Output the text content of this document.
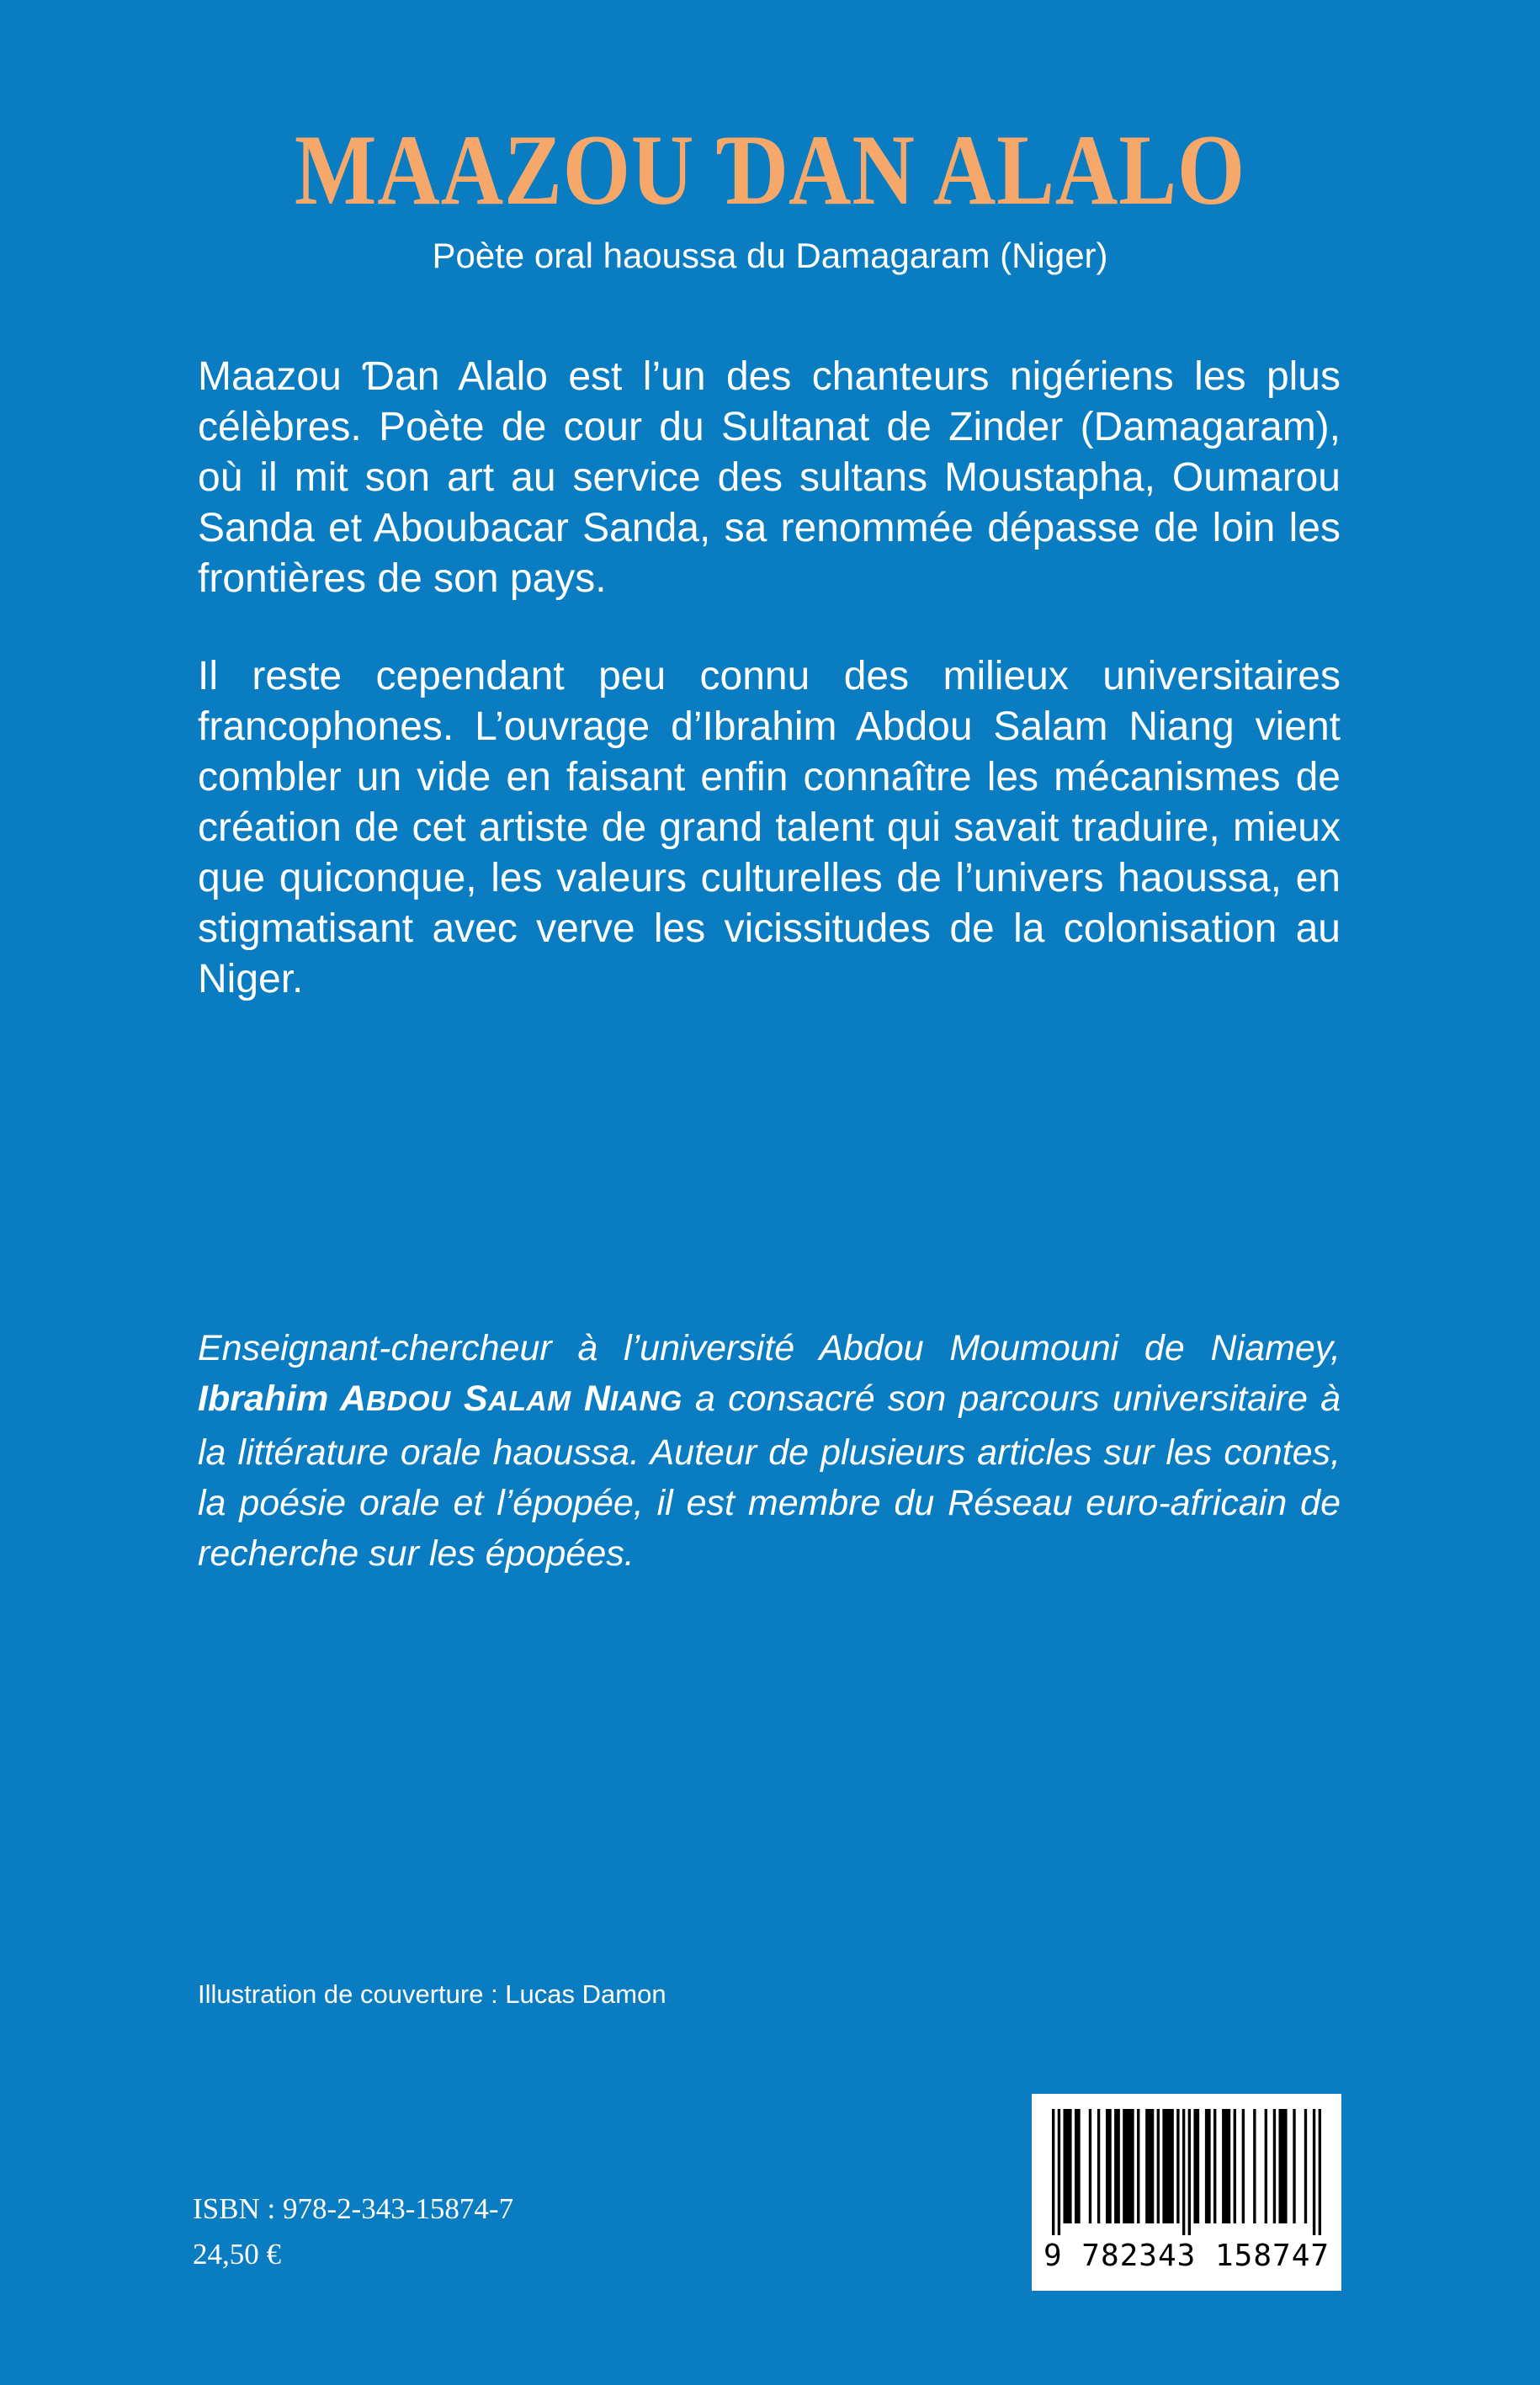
MAAZOU ƊAN ALALO
Poète oral haoussa du Damagaram (Niger)

Maazou Ɗan Alalo est l’un des chanteurs nigériens les plus célèbres. Poète de cour du Sultanat de Zinder (Damagaram), où il mit son art au service des sultans Moustapha, Oumarou Sanda et Aboubacar Sanda, sa renommée dépasse de loin les frontières de son pays.

Il reste cependant peu connu des milieux universitaires francophones. L’ouvrage d’Ibrahim Abdou Salam Niang vient combler un vide en faisant enfin connaître les mécanismes de création de cet artiste de grand talent qui savait traduire, mieux que quiconque, les valeurs culturelles de l’univers haoussa, en stigmatisant avec verve les vicissitudes de la colonisation au Niger.

Enseignant-chercheur à l’université Abdou Moumouni de Niamey, Ibrahim ABDOU SALAM NIANG a consacré son parcours universitaire à la littérature orale haoussa. Auteur de plusieurs articles sur les contes, la poésie orale et l’épopée, il est membre du Réseau euro-africain de recherche sur les épopées.

Illustration de couverture : Lucas Damon
ISBN : 978-2-343-15874-7
24,50 €	9 782343 158747
